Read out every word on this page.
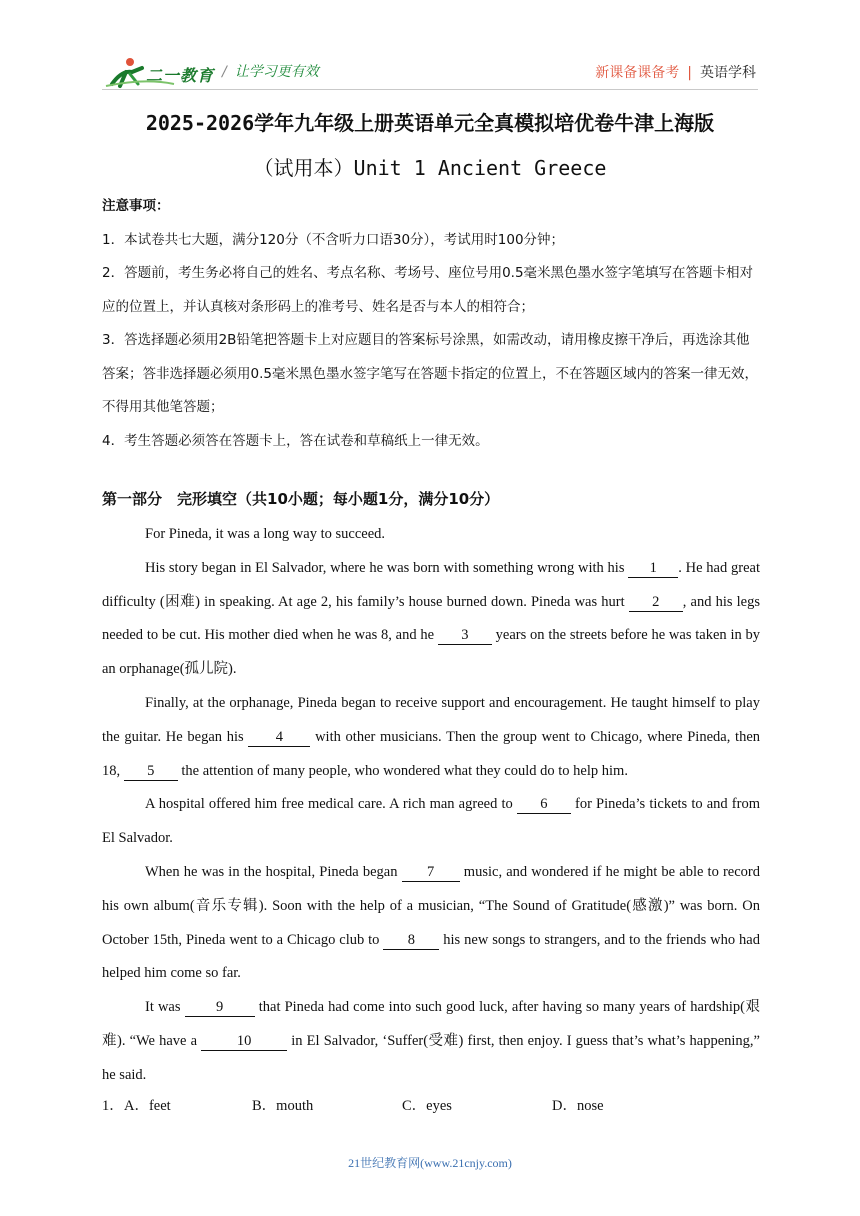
二一教育 / 让学习更有效	新课备课备考 | 英语学科
2025-2026学年九年级上册英语单元全真模拟培优卷牛津上海版
（试用本）Unit 1 Ancient Greece
注意事项：
1．本试卷共七大题，满分120分（不含听力口语30分），考试用时100分钟；
2．答题前，考生务必将自己的姓名、考点名称、考场号、座位号用0.5毫米黑色墨水签字笔填写在答题卡相对应的位置上，并认真核对条形码上的准考号、姓名是否与本人的相符合；
3．答选择题必须用2B铅笔把答题卡上对应题目的答案标号涂黑，如需改动，请用橡皮擦干净后，再选涂其他答案；答非选择题必须用0.5毫米黑色墨水签字笔写在答题卡指定的位置上，不在答题区域内的答案一律无效，不得用其他笔答题；
4．考生答题必须答在答题卡上，答在试卷和草稿纸上一律无效。
第一部分　完形填空（共10小题；每小题1分，满分10分）

For Pineda, it was a long way to succeed.

His story began in El Salvador, where he was born with something wrong with his 1 . He had great difficulty (困难) in speaking. At age 2, his family’s house burned down. Pineda was hurt 2 , and his legs needed to be cut. His mother died when he was 8, and he 3 years on the streets before he was taken in by an orphanage(孤儿院).

Finally, at the orphanage, Pineda began to receive support and encouragement. He taught himself to play the guitar. He began his 4 with other musicians. Then the group went to Chicago, where Pineda, then 18, 5 the attention of many people, who wondered what they could do to help him.

A hospital offered him free medical care. A rich man agreed to 6 for Pineda’s tickets to and from El Salvador.

When he was in the hospital, Pineda began 7 music, and wondered if he might be able to record his own album(音乐专辑). Soon with the help of a musician, “The Sound of Gratitude(感激)” was born. On October 15th, Pineda went to a Chicago club to 8 his new songs to strangers, and to the friends who had helped him come so far.

It was 9 that Pineda had come into such good luck, after having so many years of hardship(艰难). “We have a 10 in El Salvador, ‘Suffer(受难) first, then enjoy. I guess that’s what’s happening,” he said.

1． A．feet	B．mouth	C．eyes	D．nose
21世纪教育网(www.21cnjy.com)
